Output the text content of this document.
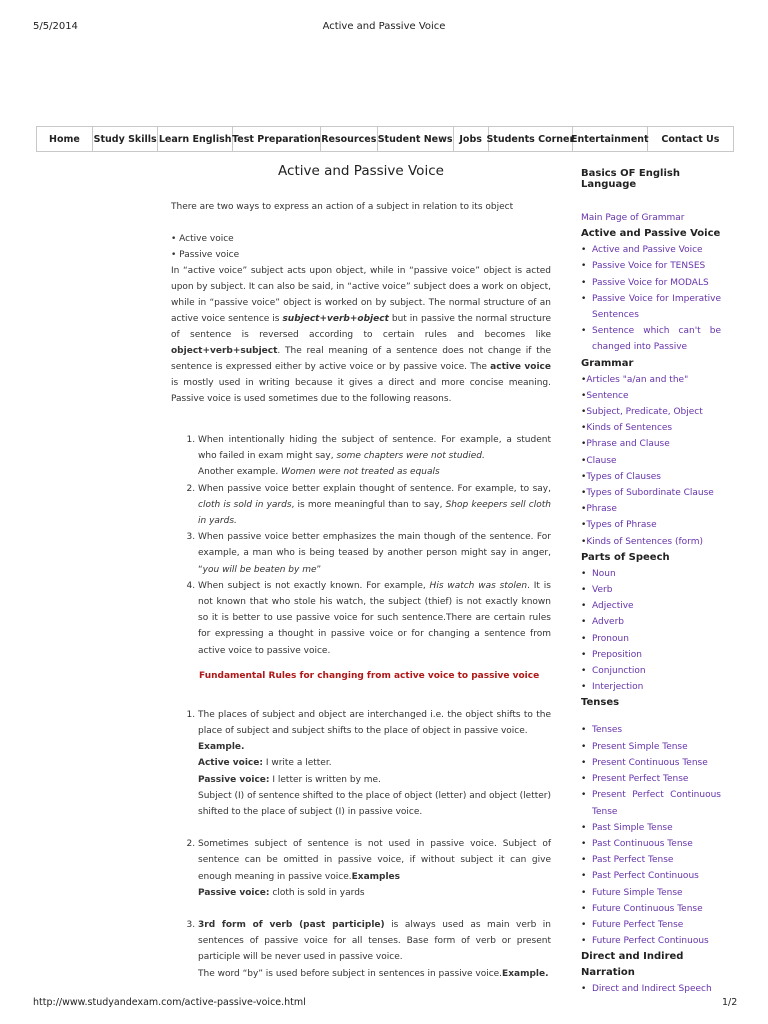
5/5/2014	Active and Passive Voice
Home	Study Skills Learn English Test Preparation Resources Student News Jobs Students Corner
Entertainment	Contact Us
Active and Passive Voice

There are two ways to express an action of a subject in relation to its object

• Active voice

• Passive voice

In “active voice” subject acts upon object, while in “passive voice” object is acted upon by subject. It can also be said, in “active voice” subject does a work on object, while in “passive voice” object is worked on by subject. The normal structure of an active voice sentence is subject+verb+object but in passive the normal structure of sentence is reversed according to certain rules and becomes like object+verb+subject. The real meaning of a sentence does not change if the sentence is expressed either by active voice or by passive voice. The active voice is mostly used in writing because it gives a direct and more concise meaning. Passive voice is used sometimes due to the following reasons.

1. When intentionally hiding the subject of sentence. For example, a student who failed in exam might say, some chapters were not studied.
Another example. Women were not treated as equals
2. When passive voice better explain thought of sentence. For example, to say, cloth is sold in yards, is more meaningful than to say, Shop keepers sell cloth in yards.
3. When passive voice better emphasizes the main though of the sentence. For example, a man who is being teased by another person might say in anger, “you will be beaten by me”
4. When subject is not exactly known. For example, His watch was stolen. It is not known that who stole his watch, the subject (thief) is not exactly known so it is better to use passive voice for such sentence.There are certain rules for expressing a thought in passive voice or for changing a sentence from active voice to passive voice.

Fundamental Rules for changing from active voice to passive voice

1. The places of subject and object are interchanged i.e. the object shifts to the place of subject and subject shifts to the place of object in passive voice.
Example.
Active voice: I write a letter.
Passive voice: I letter is written by me.
Subject (I) of sentence shifted to the place of object (letter) and object (letter) shifted to the place of subject (I) in passive voice.
2. Sometimes subject of sentence is not used in passive voice. Subject of sentence can be omitted in passive voice, if without subject it can give enough meaning in passive voice.Examples
Passive voice: cloth is sold in yards
3. 3rd form of verb (past participle) is always used as main verb in sentences of passive voice for all tenses. Base form of verb or present participle will be never used in passive voice.
The word “by” is used before subject in sentences in passive voice.Example.
Basics OF English Language
Main Page of Grammar
Active and Passive Voice
• Active and Passive Voice
• Passive Voice for TENSES
• Passive Voice for MODALS
• Passive Voice for Imperative Sentences
• Sentence which can't be changed into Passive
Grammar
•Articles "a/an and the"
•Sentence
•Subject, Predicate, Object
•Kinds of Sentences
•Phrase and Clause
•Clause
•Types of Clauses
•Types of Subordinate Clause
•Phrase
•Types of Phrase
•Kinds of Sentences (form)
Parts of Speech
• Noun
• Verb
• Adjective
• Adverb
• Pronoun
• Preposition
• Conjunction
• Interjection
Tenses
• Tenses
• Present Simple Tense
• Present Continuous Tense
• Present Perfect Tense
• Present Perfect Continuous Tense
• Past Simple Tense
• Past Continuous Tense
• Past Perfect Tense
• Past Perfect Continuous
• Future Simple Tense
• Future Continuous Tense
• Future Perfect Tense
• Future Perfect Continuous
Direct and Indired Narration
• Direct and Indirect Speech
http://www.studyandexam.com/active-passive-voice.html	1/2
